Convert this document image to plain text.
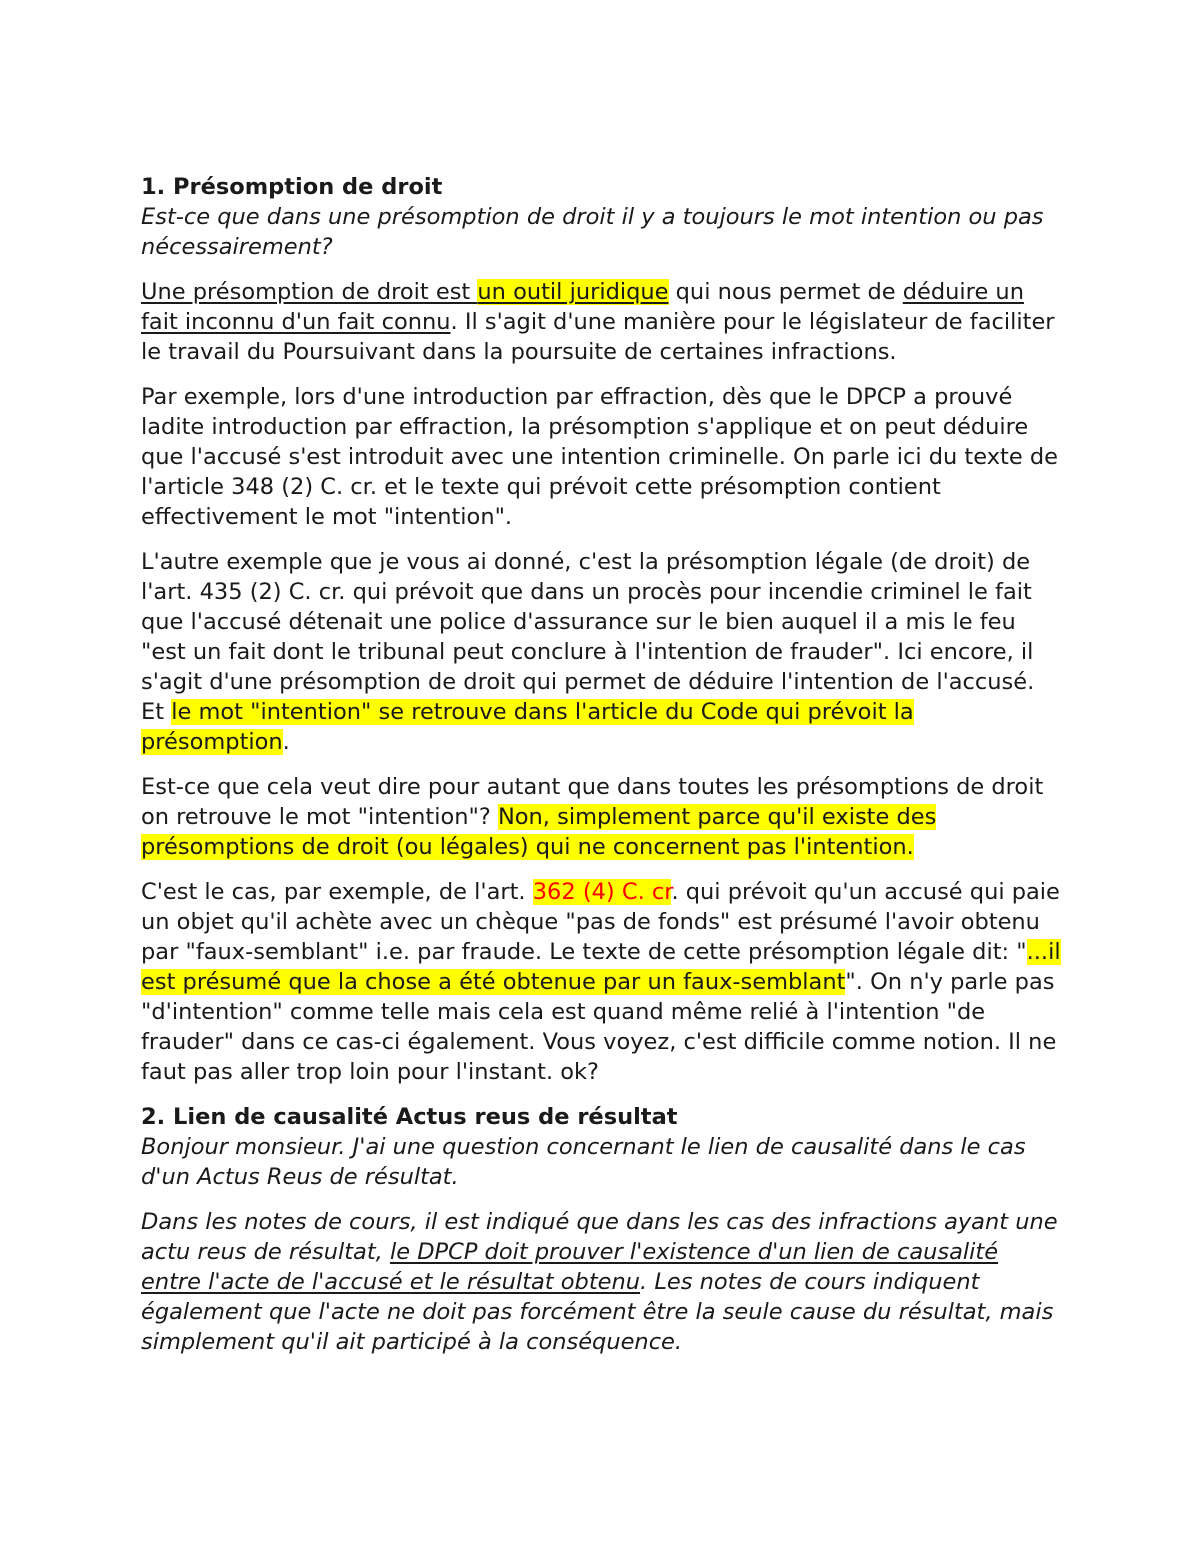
1. Présomption de droit

Est-ce que dans une présomption de droit il y a toujours le mot intention ou pas nécessairement?

Une présomption de droit est un outil juridique qui nous permet de déduire un fait inconnu d'un fait connu. Il s'agit d'une manière pour le législateur de faciliter le travail du Poursuivant dans la poursuite de certaines infractions.

Par exemple, lors d'une introduction par effraction, dès que le DPCP a prouvé ladite introduction par effraction, la présomption s'applique et on peut déduire que l'accusé s'est introduit avec une intention criminelle. On parle ici du texte de l'article 348 (2) C. cr. et le texte qui prévoit cette présomption contient effectivement le mot "intention".

L'autre exemple que je vous ai donné, c'est la présomption légale (de droit) de l'art. 435 (2) C. cr. qui prévoit que dans un procès pour incendie criminel le fait que l'accusé détenait une police d'assurance sur le bien auquel il a mis le feu "est un fait dont le tribunal peut conclure à l'intention de frauder". Ici encore, il s'agit d'une présomption de droit qui permet de déduire l'intention de l'accusé. Et le mot "intention" se retrouve dans l'article du Code qui prévoit la présomption.

Est-ce que cela veut dire pour autant que dans toutes les présomptions de droit on retrouve le mot "intention"? Non, simplement parce qu'il existe des présomptions de droit (ou légales) qui ne concernent pas l'intention.

C'est le cas, par exemple, de l'art. 362 (4) C. cr. qui prévoit qu'un accusé qui paie un objet qu'il achète avec un chèque "pas de fonds" est présumé l'avoir obtenu par "faux-semblant" i.e. par fraude. Le texte de cette présomption légale dit: "...il est présumé que la chose a été obtenue par un faux-semblant". On n'y parle pas "d'intention" comme telle mais cela est quand même relié à l'intention "de frauder" dans ce cas-ci également. Vous voyez, c'est difficile comme notion. Il ne faut pas aller trop loin pour l'instant. ok?

2. Lien de causalité Actus reus de résultat

Bonjour monsieur. J'ai une question concernant le lien de causalité dans le cas d'un Actus Reus de résultat.

Dans les notes de cours, il est indiqué que dans les cas des infractions ayant une actu reus de résultat, le DPCP doit prouver l'existence d'un lien de causalité entre l'acte de l'accusé et le résultat obtenu. Les notes de cours indiquent également que l'acte ne doit pas forcément être la seule cause du résultat, mais simplement qu'il ait participé à la conséquence.
